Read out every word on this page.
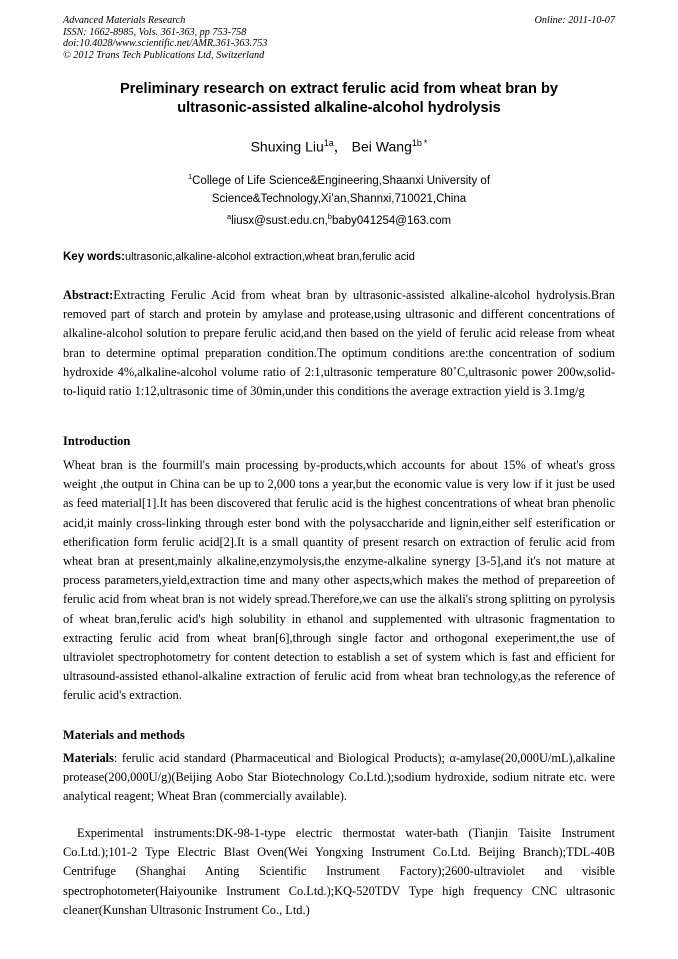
Advanced Materials Research
ISSN: 1662-8985, Vols. 361-363, pp 753-758
doi:10.4028/www.scientific.net/AMR.361-363.753
© 2012 Trans Tech Publications Ltd, Switzerland
Online: 2011-10-07
Preliminary research on extract ferulic acid from wheat bran by
ultrasonic-assisted alkaline-alcohol hydrolysis
Shuxing Liu$^{1a}$， Bei Wang$^{1b *}$
$^1$College of Life Science&Engineering,Shaanxi University of
Science&Technology,Xi’an,Shannxi,710021,China
$^a$liusx@sust.edu.cn,$^b$baby041254@163.com
Key words:ultrasonic,alkaline-alcohol extraction,wheat bran,ferulic acid
Abstract:Extracting Ferulic Acid from wheat bran by ultrasonic-assisted alkaline-alcohol hydrolysis.Bran removed part of starch and protein by amylase and protease,using ultrasonic and different concentrations of alkaline-alcohol solution to prepare ferulic acid,and then based on the yield of ferulic acid release from wheat bran to determine optimal preparation condition.The optimum conditions are:the concentration of sodium hydroxide 4%,alkaline-alcohol volume ratio of 2:1,ultrasonic temperature 80˚C,ultrasonic power 200w,solid-to-liquid ratio 1:12,ultrasonic time of 30min,under this conditions the average extraction yield is 3.1mg/g
Introduction
Wheat bran is the fourmill's main processing by-products,which accounts for about 15% of wheat's gross weight ,the output in China can be up to 2,000 tons a year,but the economic value is very low if it just be used as feed material[1].It has been discovered that ferulic acid is the highest concentrations of wheat bran phenolic acid,it mainly cross-linking through ester bond with the polysaccharide and lignin,either self esterification or etherification form ferulic acid[2].It is a small quantity of present resarch on extraction of ferulic acid from wheat bran at present,mainly alkaline,enzymolysis,the enzyme-alkaline synergy [3-5],and it's not mature at process parameters,yield,extraction time and many other aspects,which makes the method of prepareetion of ferulic acid from wheat bran is not widely spread.Therefore,we can use the alkali's strong splitting on pyrolysis of wheat bran,ferulic acid's high solubility in ethanol and supplemented with ultrasonic fragmentation to extracting ferulic acid from wheat bran[6],through single factor and orthogonal exeperiment,the use of ultraviolet spectrophotometry for content detection to establish a set of system which is fast and efficient for ultrasound-assisted ethanol-alkaline extraction of ferulic acid from wheat bran technology,as the reference of ferulic acid's extraction.
Materials and methods
Materials: ferulic acid standard (Pharmaceutical and Biological Products); α-amylase(20,000U/mL),alkaline protease(200,000U/g)(Beijing Aobo Star Biotechnology Co.Ltd.);sodium hydroxide, sodium nitrate etc. were analytical reagent; Wheat Bran (commercially available).
Experimental instruments:DK-98-1-type electric thermostat water-bath (Tianjin Taisite Instrument Co.Ltd.);101-2 Type Electric Blast Oven(Wei Yongxing Instrument Co.Ltd. Beijing Branch);TDL-40B Centrifuge (Shanghai Anting Scientific Instrument Factory);2600-ultraviolet and visible spectrophotometer(Haiyounike Instrument Co.Ltd.);KQ-520TDV Type high frequency CNC ultrasonic cleaner(Kunshan Ultrasonic Instrument Co., Ltd.)
